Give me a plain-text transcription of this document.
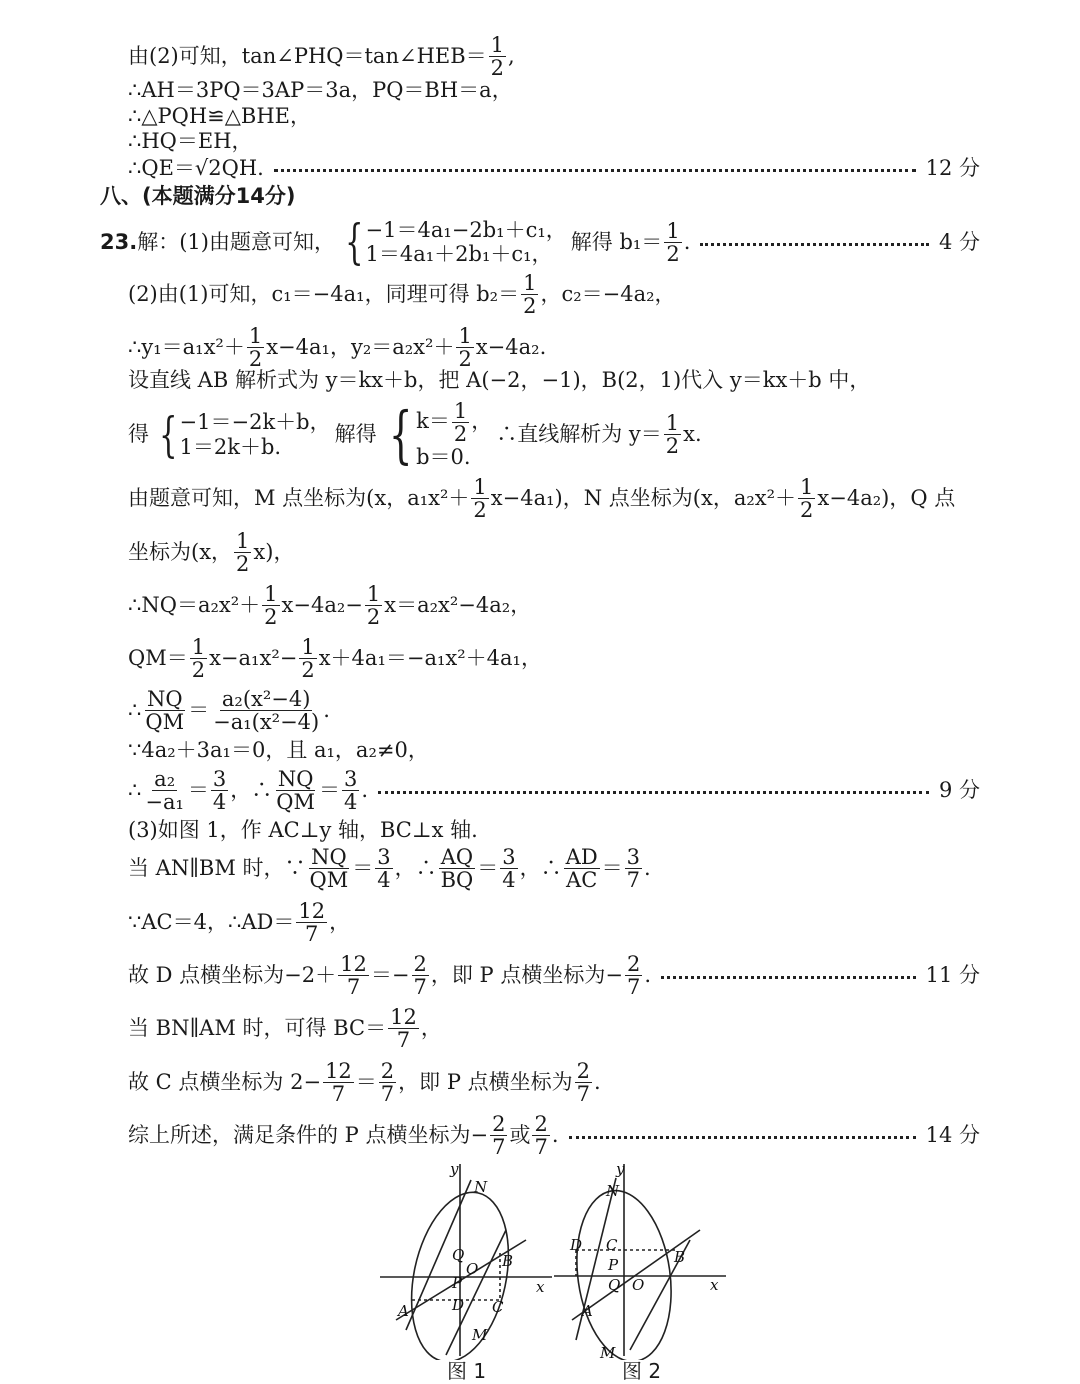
由(2)可知，tan∠PHQ＝tan∠HEB＝ $\frac{1}{2}$ ,
∴AH＝3PQ＝3AP＝3a，PQ＝BH＝a，
∴△PQH≌△BHE，
∴HQ＝EH，
∴QE＝√2QH.	12 分
八、(本题满分14分)
23. 解：(1)由题意可知， { −1＝4a₁−2b₁＋c₁，
1＝4a₁＋2b₁＋c₁，
解得 $b_1= \frac{1}{2}$ .	4 分
(2)由(1)可知，c₁＝−4a₁，同理可得 $b_2= \frac{1}{2}$ ，c₂＝−4a₂，
∴y₁＝a₁x²＋ $\frac{1}{2} x-4a_1$，$y_2=a_2x^2+ \frac{1}{2} x-4a_2$.
设直线 AB 解析式为 y＝kx＋b，把 A(−2，−1)，B(2，1)代入 y＝kx＋b 中，
得 { −1＝−2k＋b，
1＝2k＋b.
解得 { $k= \frac{1}{2}$ ，
b＝0.
∴直线解析为 $y= \frac{1}{2} x$.
由题意可知，M 点坐标为(x，$a_1x^2+ \frac{1}{2} x-4a_1$)，N 点坐标为(x，$a_2x^2+ \frac{1}{2} x-4a_2$)，Q 点
坐标为(x， $\frac{1}{2} x$)，
∴NQ＝a₂x²＋ $\frac{1}{2} x-4a_2- \frac{1}{2} x=a_2x^2-4a_2$，
$QM= \frac{1}{2} x-a_1x^2- \frac{1}{2} x+4a_1=-a_1x^2+4a_1$，
∴ $\frac{NQ}{QM} = \frac{\text{a₂(x²−4)}}{\text{−a₁(x²−4)}}$ .
∵4a₂＋3a₁＝0，且 a₁，a₂≠0，
∴ $\frac{\text{a₂}}{\text{−a₁}} = \frac{3}{4}$ ，∴ $\frac{NQ}{QM} = \frac{3}{4}$ .	9 分
(3)如图 1，作 AC⊥y 轴，BC⊥x 轴.
当 AN∥BM 时，∵ $\frac{NQ}{QM} = \frac{3}{4}$ ，∴ $\frac{AQ}{BQ} = \frac{3}{4}$ ，∴ $\frac{AD}{AC} = \frac{3}{7}$ .
∵AC＝4，∴AD＝ $\frac{12}{7}$ ，
故 D 点横坐标为$-2+ \frac{12}{7} =- \frac{2}{7}$ ，即 P 点横坐标为− $\frac{2}{7}$ .	11 分
当 BN∥AM 时，可得 $BC= \frac{12}{7}$ ，
故 C 点横坐标为 $2- \frac{12}{7} = \frac{2}{7}$ ，即 P 点横坐标为 $\frac{2}{7}$ .
综上所述，满足条件的 P 点横坐标为− $\frac{2}{7}$ 或 $\frac{2}{7}$ .	14 分
y
x
N
Q
O
P
D
A
B
C
M
图 1
y
x
N
D C
P
Q O
A
B
M
图 2
